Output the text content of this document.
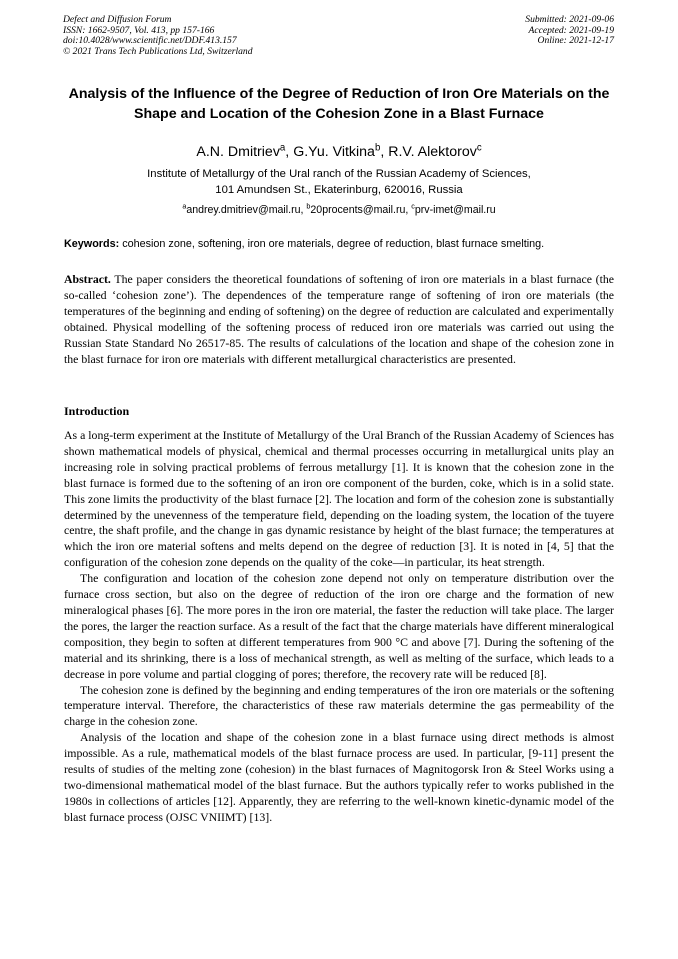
Defect and Diffusion Forum
ISSN: 1662-9507, Vol. 413, pp 157-166
doi:10.4028/www.scientific.net/DDF.413.157
© 2021 Trans Tech Publications Ltd, Switzerland
Submitted: 2021-09-06
Accepted: 2021-09-19
Online: 2021-12-17
Analysis of the Influence of the Degree of Reduction of Iron Ore Materials on the Shape and Location of the Cohesion Zone in a Blast Furnace
A.N. Dmitriev$^a$, G.Yu. Vitkina$^b$, R.V. Alektorov$^c$
Institute of Metallurgy of the Ural ranch of the Russian Academy of Sciences,
101 Amundsen St., Ekaterinburg, 620016, Russia
$^a$andrey.dmitriev@mail.ru, $^b$20procents@mail.ru, $^c$prv-imet@mail.ru
Keywords: cohesion zone, softening, iron ore materials, degree of reduction, blast furnace smelting.
Abstract. The paper considers the theoretical foundations of softening of iron ore materials in a blast furnace (the so-called ‘cohesion zone’). The dependences of the temperature range of softening of iron ore materials (the temperatures of the beginning and ending of softening) on the degree of reduction are calculated and experimentally obtained. Physical modelling of the softening process of reduced iron ore materials was carried out using the Russian State Standard No 26517-85. The results of calculations of the location and shape of the cohesion zone in the blast furnace for iron ore materials with different metallurgical characteristics are presented.
Introduction

As a long-term experiment at the Institute of Metallurgy of the Ural Branch of the Russian Academy of Sciences has shown mathematical models of physical, chemical and thermal processes occurring in metallurgical units play an increasing role in solving practical problems of ferrous metallurgy [1]. It is known that the cohesion zone in the blast furnace is formed due to the softening of an iron ore component of the burden, coke, which is in a solid state. This zone limits the productivity of the blast furnace [2]. The location and form of the cohesion zone is substantially determined by the unevenness of the temperature field, depending on the loading system, the location of the tuyere centre, the shaft profile, and the change in gas dynamic resistance by height of the blast furnace; the temperatures at which the iron ore material softens and melts depend on the degree of reduction [3]. It is noted in [4, 5] that the configuration of the cohesion zone depends on the quality of the coke—in particular, its heat strength.

The configuration and location of the cohesion zone depend not only on temperature distribution over the furnace cross section, but also on the degree of reduction of the iron ore charge and the formation of new mineralogical phases [6]. The more pores in the iron ore material, the faster the reduction will take place. The larger the pores, the larger the reaction surface. As a result of the fact that the charge materials have different mineralogical composition, they begin to soften at different temperatures from 900 °C and above [7]. During the softening of the material and its shrinking, there is a loss of mechanical strength, as well as melting of the surface, which leads to a decrease in pore volume and partial clogging of pores; therefore, the recovery rate will be reduced [8].

The cohesion zone is defined by the beginning and ending temperatures of the iron ore materials or the softening temperature interval. Therefore, the characteristics of these raw materials determine the gas permeability of the charge in the cohesion zone.

Analysis of the location and shape of the cohesion zone in a blast furnace using direct methods is almost impossible. As a rule, mathematical models of the blast furnace process are used. In particular, [9-11] present the results of studies of the melting zone (cohesion) in the blast furnaces of Magnitogorsk Iron & Steel Works using a two-dimensional mathematical model of the blast furnace. But the authors typically refer to works published in the 1980s in collections of articles [12]. Apparently, they are referring to the well-known kinetic-dynamic model of the blast furnace process (OJSC VNIIMT) [13].
